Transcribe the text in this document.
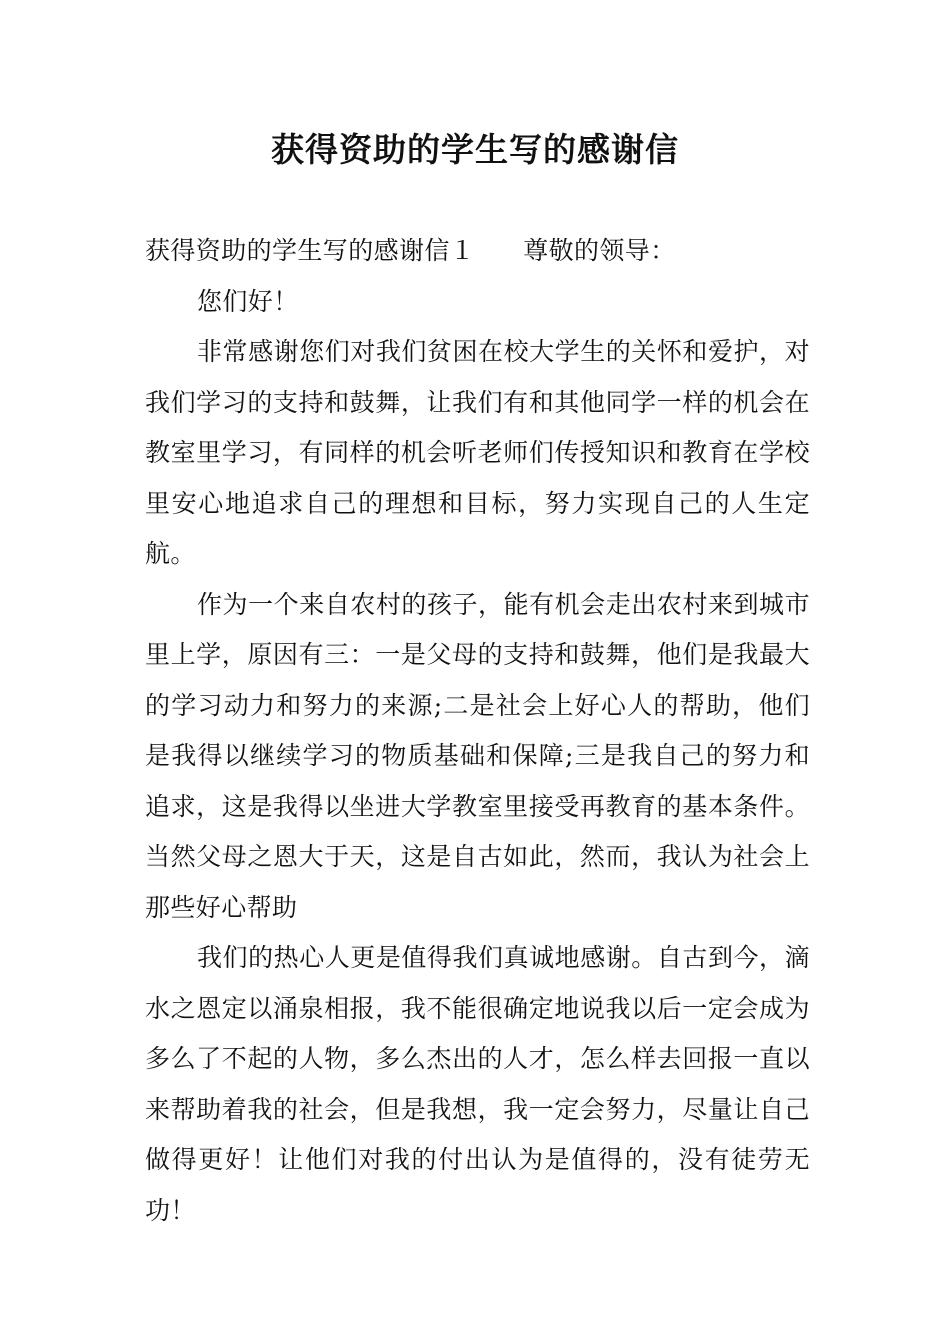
获得资助的学生写的感谢信

获得资助的学生写的感谢信１ 尊敬的领导：

您们好！

非常感谢您们对我们贫困在校大学生的关怀和爱护，对我们学习的支持和鼓舞，让我们有和其他同学一样的机会在教室里学习，有同样的机会听老师们传授知识和教育在学校里安心地追求自己的理想和目标，努力实现自己的人生定航。

作为一个来自农村的孩子，能有机会走出农村来到城市里上学，原因有三：一是父母的支持和鼓舞，他们是我最大的学习动力和努力的来源;二是社会上好心人的帮助，他们是我得以继续学习的物质基础和保障;三是我自己的努力和追求，这是我得以坐进大学教室里接受再教育的基本条件。当然父母之恩大于天，这是自古如此，然而，我认为社会上那些好心帮助

我们的热心人更是值得我们真诚地感谢。自古到今，滴水之恩定以涌泉相报，我不能很确定地说我以后一定会成为多么了不起的人物，多么杰出的人才，怎么样去回报一直以来帮助着我的社会，但是我想，我一定会努力，尽量让自己做得更好！让他们对我的付出认为是值得的，没有徒劳无功！
